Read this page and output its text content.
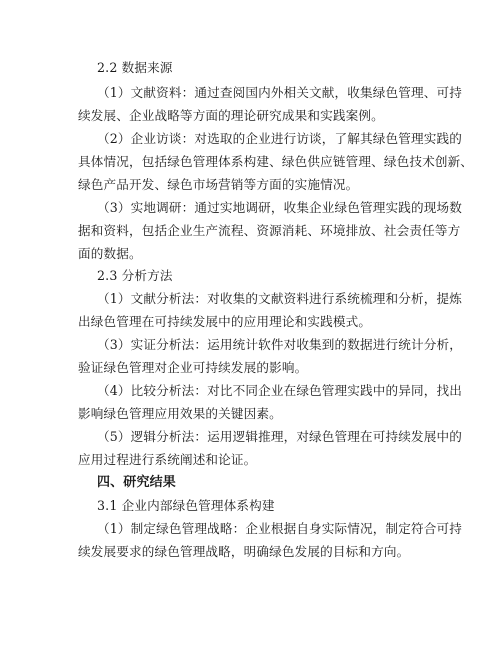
2.2 数据来源
（1）文献资料：通过查阅国内外相关文献，收集绿色管理、可持
续发展、企业战略等方面的理论研究成果和实践案例。
（2）企业访谈：对选取的企业进行访谈，了解其绿色管理实践的
具体情况，包括绿色管理体系构建、绿色供应链管理、绿色技术创新、
绿色产品开发、绿色市场营销等方面的实施情况。
（3）实地调研：通过实地调研，收集企业绿色管理实践的现场数
据和资料，包括企业生产流程、资源消耗、环境排放、社会责任等方
面的数据。
2.3 分析方法
（1）文献分析法：对收集的文献资料进行系统梳理和分析，提炼
出绿色管理在可持续发展中的应用理论和实践模式。
（3）实证分析法：运用统计软件对收集到的数据进行统计分析，
验证绿色管理对企业可持续发展的影响。
（4）比较分析法：对比不同企业在绿色管理实践中的异同，找出
影响绿色管理应用效果的关键因素。
（5）逻辑分析法：运用逻辑推理，对绿色管理在可持续发展中的
应用过程进行系统阐述和论证。
四、研究结果
3.1 企业内部绿色管理体系构建
（1）制定绿色管理战略：企业根据自身实际情况，制定符合可持
续发展要求的绿色管理战略，明确绿色发展的目标和方向。
